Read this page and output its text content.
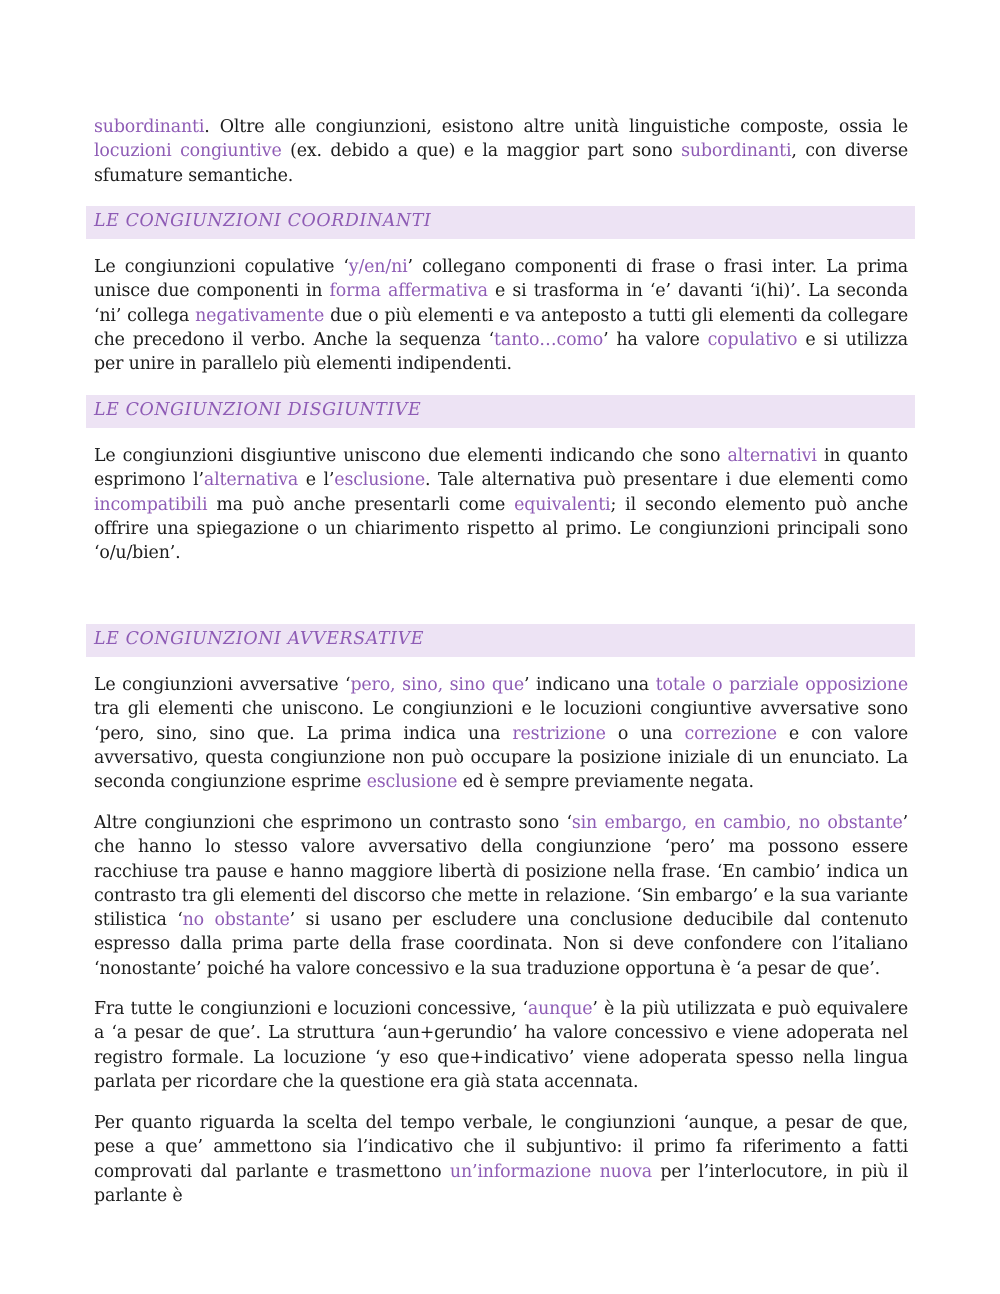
subordinanti. Oltre alle congiunzioni, esistono altre unità linguistiche composte, ossia le locuzioni congiuntive (ex. debido a que) e la maggior part sono subordinanti, con diverse sfumature semantiche.

LE CONGIUNZIONI COORDINANTI

Le congiunzioni copulative ‘y/en/ni’ collegano componenti di frase o frasi inter. La prima unisce due componenti in forma affermativa e si trasforma in ‘e’ davanti ‘i(hi)’. La seconda ‘ni’ collega negativamente due o più elementi e va anteposto a tutti gli elementi da collegare che precedono il verbo. Anche la sequenza ‘tanto…como’ ha valore copulativo e si utilizza per unire in parallelo più elementi indipendenti.

LE CONGIUNZIONI DISGIUNTIVE

Le congiunzioni disgiuntive uniscono due elementi indicando che sono alternativi in quanto esprimono l’alternativa e l’esclusione. Tale alternativa può presentare i due elementi como incompatibili ma può anche presentarli come equivalenti; il secondo elemento può anche offrire una spiegazione o un chiarimento rispetto al primo. Le congiunzioni principali sono ‘o/u/bien’.

LE CONGIUNZIONI AVVERSATIVE

Le congiunzioni avversative ‘pero, sino, sino que’ indicano una totale o parziale opposizione tra gli elementi che uniscono. Le congiunzioni e le locuzioni congiuntive avversative sono ‘pero, sino, sino que. La prima indica una restrizione o una correzione e con valore avversativo, questa congiunzione non può occupare la posizione iniziale di un enunciato. La seconda congiunzione esprime esclusione ed è sempre previamente negata.

Altre congiunzioni che esprimono un contrasto sono ‘sin embargo, en cambio, no obstante’ che hanno lo stesso valore avversativo della congiunzione ‘pero’ ma possono essere racchiuse tra pause e hanno maggiore libertà di posizione nella frase. ‘En cambio’ indica un contrasto tra gli elementi del discorso che mette in relazione. ‘Sin embargo’ e la sua variante stilistica ‘no obstante’ si usano per escludere una conclusione deducibile dal contenuto espresso dalla prima parte della frase coordinata. Non si deve confondere con l’italiano ‘nonostante’ poiché ha valore concessivo e la sua traduzione opportuna è ‘a pesar de que’.

Fra tutte le congiunzioni e locuzioni concessive, ‘aunque’ è la più utilizzata e può equivalere a ‘a pesar de que’. La struttura ‘aun+gerundio’ ha valore concessivo e viene adoperata nel registro formale. La locuzione ‘y eso que+indicativo’ viene adoperata spesso nella lingua parlata per ricordare che la questione era già stata accennata.

Per quanto riguarda la scelta del tempo verbale, le congiunzioni ‘aunque, a pesar de que, pese a que’ ammettono sia l’indicativo che il subjuntivo: il primo fa riferimento a fatti comprovati dal parlante e trasmettono un’informazione nuova per l’interlocutore, in più il parlante è
